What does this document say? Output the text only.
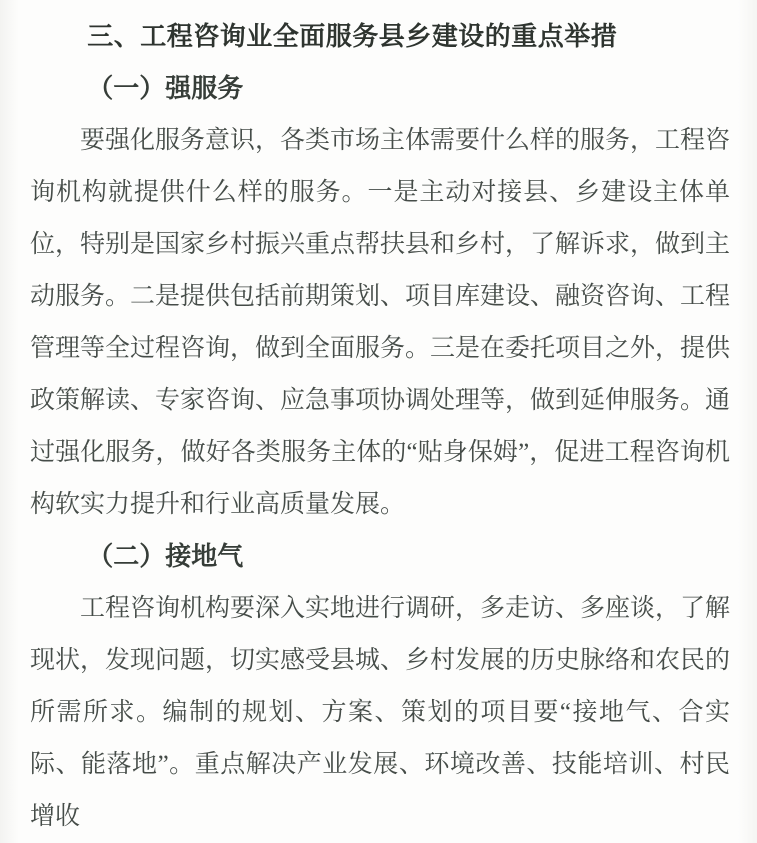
三、工程咨询业全面服务县乡建设的重点举措
（一）强服务

要强化服务意识，各类市场主体需要什么样的服务，工程咨询机构就提供什么样的服务。一是主动对接县、乡建设主体单位，特别是国家乡村振兴重点帮扶县和乡村，了解诉求，做到主动服务。二是提供包括前期策划、项目库建设、融资咨询、工程管理等全过程咨询，做到全面服务。三是在委托项目之外，提供政策解读、专家咨询、应急事项协调处理等，做到延伸服务。通过强化服务，做好各类服务主体的“贴身保姆”，促进工程咨询机构软实力提升和行业高质量发展。

（二）接地气

工程咨询机构要深入实地进行调研，多走访、多座谈，了解现状，发现问题，切实感受县城、乡村发展的历史脉络和农民的所需所求。编制的规划、方案、策划的项目要“接地气、合实际、能落地”。重点解决产业发展、环境改善、技能培训、村民增收
